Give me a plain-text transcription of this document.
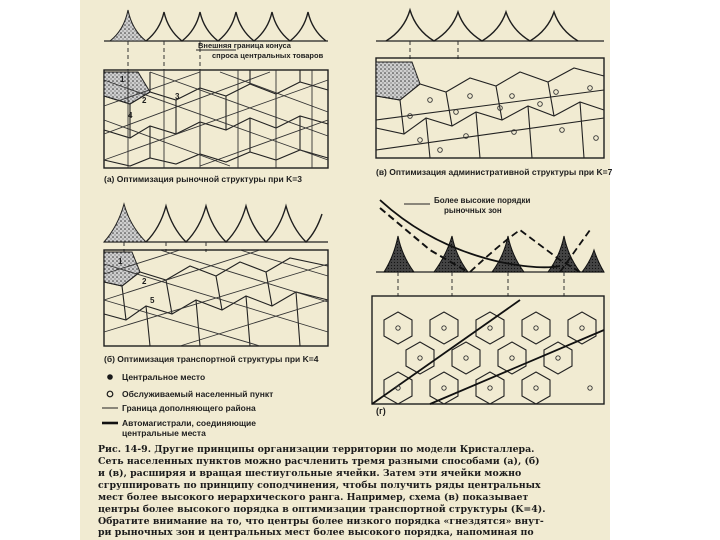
Внешняя граница конуса
спроса центральных товаров
1
2	3
4
(а) Оптимизация рыночной структуры при K=3
(в) Оптимизация административной структуры при K=7
1
2
5
(б) Оптимизация транспортной структуры при K=4
Более высокие порядки
рыночных зон
(г)
Центральное место
Обслуживаемый населенный пункт
Граница дополняющего района
Автомагистрали, соединяющие центральные места
Рис. 14-9. Другие принципы организации территории по модели Кристаллера. Сеть населенных пунктов можно расчленить тремя разными способами (а), (б) и (в), расширяя и вращая шестиугольные ячейки. Затем эти ячейки можно сгруппировать по принципу соподчинения, чтобы получить ряды центральных мест более высокого иерархического ранга. Например, схема (в) показывает центры более высокого порядка в оптимизации транспортной структуры (K=4). Обратите внимание на то, что центры более низкого порядка «гнездятся» внут- ри рыночных зон и центральных мест более высокого порядка, напоминая по
